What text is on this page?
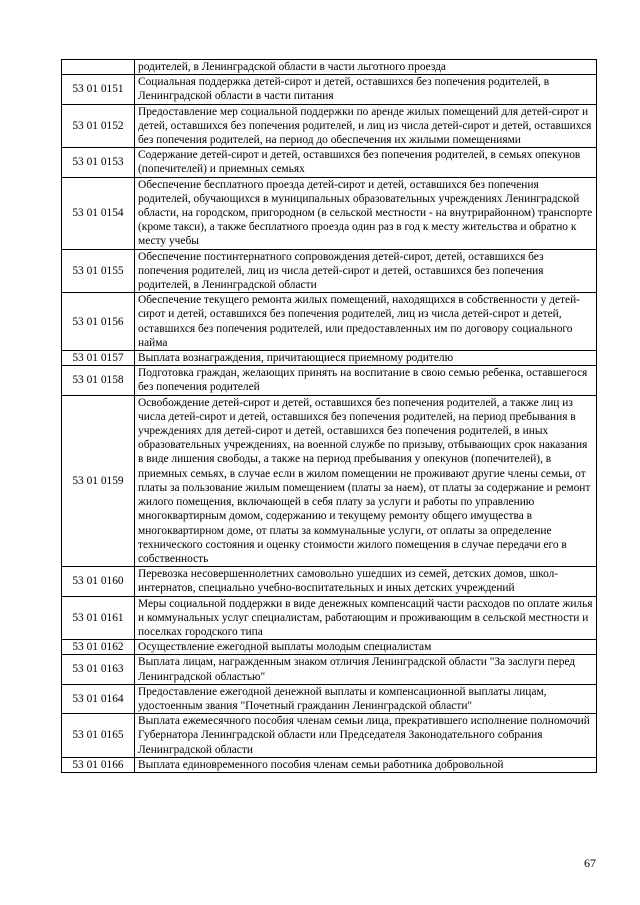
	родителей, в Ленинградской области в части льготного проезда
53 01 0151	Социальная поддержка детей-сирот и детей, оставшихся без попечения родителей, в Ленинградской области в части питания
53 01 0152	Предоставление мер социальной поддержки по аренде жилых помещений для детей-сирот и детей, оставшихся без попечения родителей, и лиц из числа детей-сирот и детей, оставшихся без попечения родителей, на период до обеспечения их жилыми помещениями
53 01 0153	Содержание детей-сирот и детей, оставшихся без попечения родителей, в семьях опекунов (попечителей) и приемных семьях
53 01 0154	Обеспечение бесплатного проезда детей-сирот и детей, оставшихся без попечения родителей, обучающихся в муниципальных образовательных учреждениях Ленинградской области, на городском, пригородном (в сельской местности - на внутрирайонном) транспорте (кроме такси), а также бесплатного проезда один раз в год к месту жительства и обратно к месту учебы
53 01 0155	Обеспечение постинтернатного сопровождения детей-сирот, детей, оставшихся без попечения родителей, лиц из числа детей-сирот и детей, оставшихся без попечения родителей, в Ленинградской области
53 01 0156	Обеспечение текущего ремонта жилых помещений, находящихся в собственности у детей-сирот и детей, оставшихся без попечения родителей, лиц из числа детей-сирот и детей, оставшихся без попечения родителей, или предоставленных им по договору социального найма
53 01 0157	Выплата вознаграждения, причитающиеся приемному родителю
53 01 0158	Подготовка граждан, желающих принять на воспитание в свою семью ребенка, оставшегося без попечения родителей
53 01 0159	Освобождение детей-сирот и детей, оставшихся без попечения родителей, а также лиц из числа детей-сирот и детей, оставшихся без попечения родителей, на период пребывания в учреждениях для детей-сирот и детей, оставшихся без попечения родителей, в иных образовательных учреждениях, на военной службе по призыву, отбывающих срок наказания в виде лишения свободы, а также на период пребывания у опекунов (попечителей), в приемных семьях, в случае если в жилом помещении не проживают другие члены семьи, от платы за пользование жилым помещением (платы за наем), от платы за содержание и ремонт жилого помещения, включающей в себя плату за услуги и работы по управлению многоквартирным домом, содержанию и текущему ремонту общего имущества в многоквартирном доме, от платы за коммунальные услуги, от оплаты за определение технического состояния и оценку стоимости жилого помещения в случае передачи его в собственность
53 01 0160	Перевозка несовершеннолетних самовольно ушедших из семей, детских домов, школ-интернатов, специально учебно-воспитательных и иных детских учреждений
53 01 0161	Меры социальной поддержки в виде денежных компенсаций части расходов по оплате жилья и коммунальных услуг специалистам, работающим и проживающим в сельской местности и поселках городского типа
53 01 0162	Осуществление ежегодной выплаты молодым специалистам
53 01 0163	Выплата лицам, награжденным знаком отличия Ленинградской области "За заслуги перед Ленинградской областью"
53 01 0164	Предоставление ежегодной денежной выплаты и компенсационной выплаты лицам, удостоенным звания "Почетный гражданин Ленинградской области"
53 01 0165	Выплата ежемесячного пособия членам семьи лица, прекратившего исполнение полномочий Губернатора Ленинградской области или Председателя Законодательного собрания Ленинградской области
53 01 0166	Выплата единовременного пособия членам семьи работника добровольной
67
